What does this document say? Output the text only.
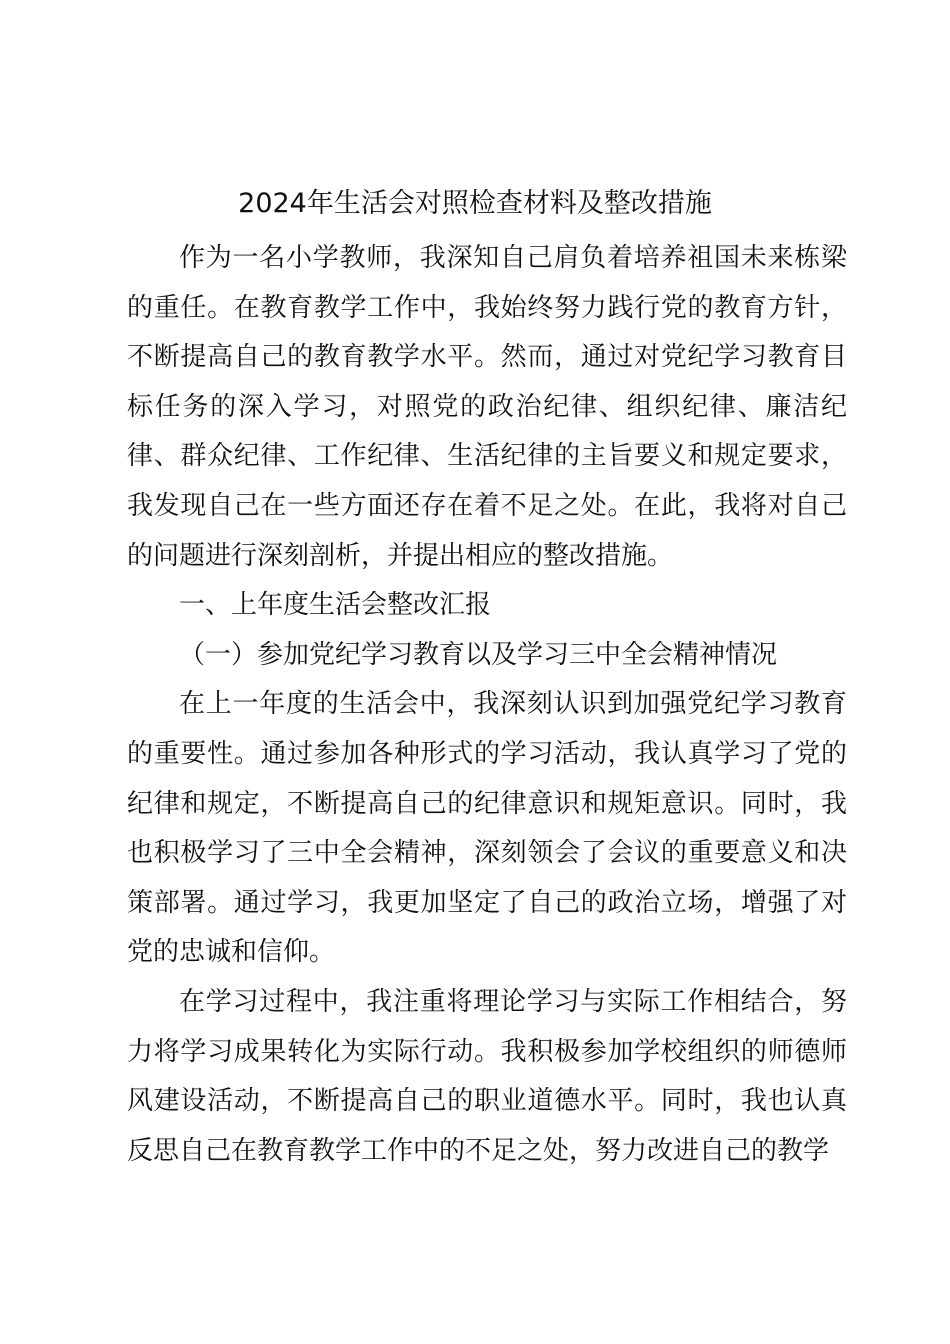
2024年生活会对照检查材料及整改措施

作为一名小学教师，我深知自己肩负着培养祖国未来栋梁的重任。在教育教学工作中，我始终努力践行党的教育方针，不断提高自己的教育教学水平。然而，通过对党纪学习教育目标任务的深入学习，对照党的政治纪律、组织纪律、廉洁纪律、群众纪律、工作纪律、生活纪律的主旨要义和规定要求，我发现自己在一些方面还存在着不足之处。在此，我将对自己的问题进行深刻剖析，并提出相应的整改措施。

一、上年度生活会整改汇报

（一）参加党纪学习教育以及学习三中全会精神情况

在上一年度的生活会中，我深刻认识到加强党纪学习教育的重要性。通过参加各种形式的学习活动，我认真学习了党的纪律和规定，不断提高自己的纪律意识和规矩意识。同时，我也积极学习了三中全会精神，深刻领会了会议的重要意义和决策部署。通过学习，我更加坚定了自己的政治立场，增强了对党的忠诚和信仰。

在学习过程中，我注重将理论学习与实际工作相结合，努力将学习成果转化为实际行动。我积极参加学校组织的师德师风建设活动，不断提高自己的职业道德水平。同时，我也认真反思自己在教育教学工作中的不足之处，努力改进自己的教学
